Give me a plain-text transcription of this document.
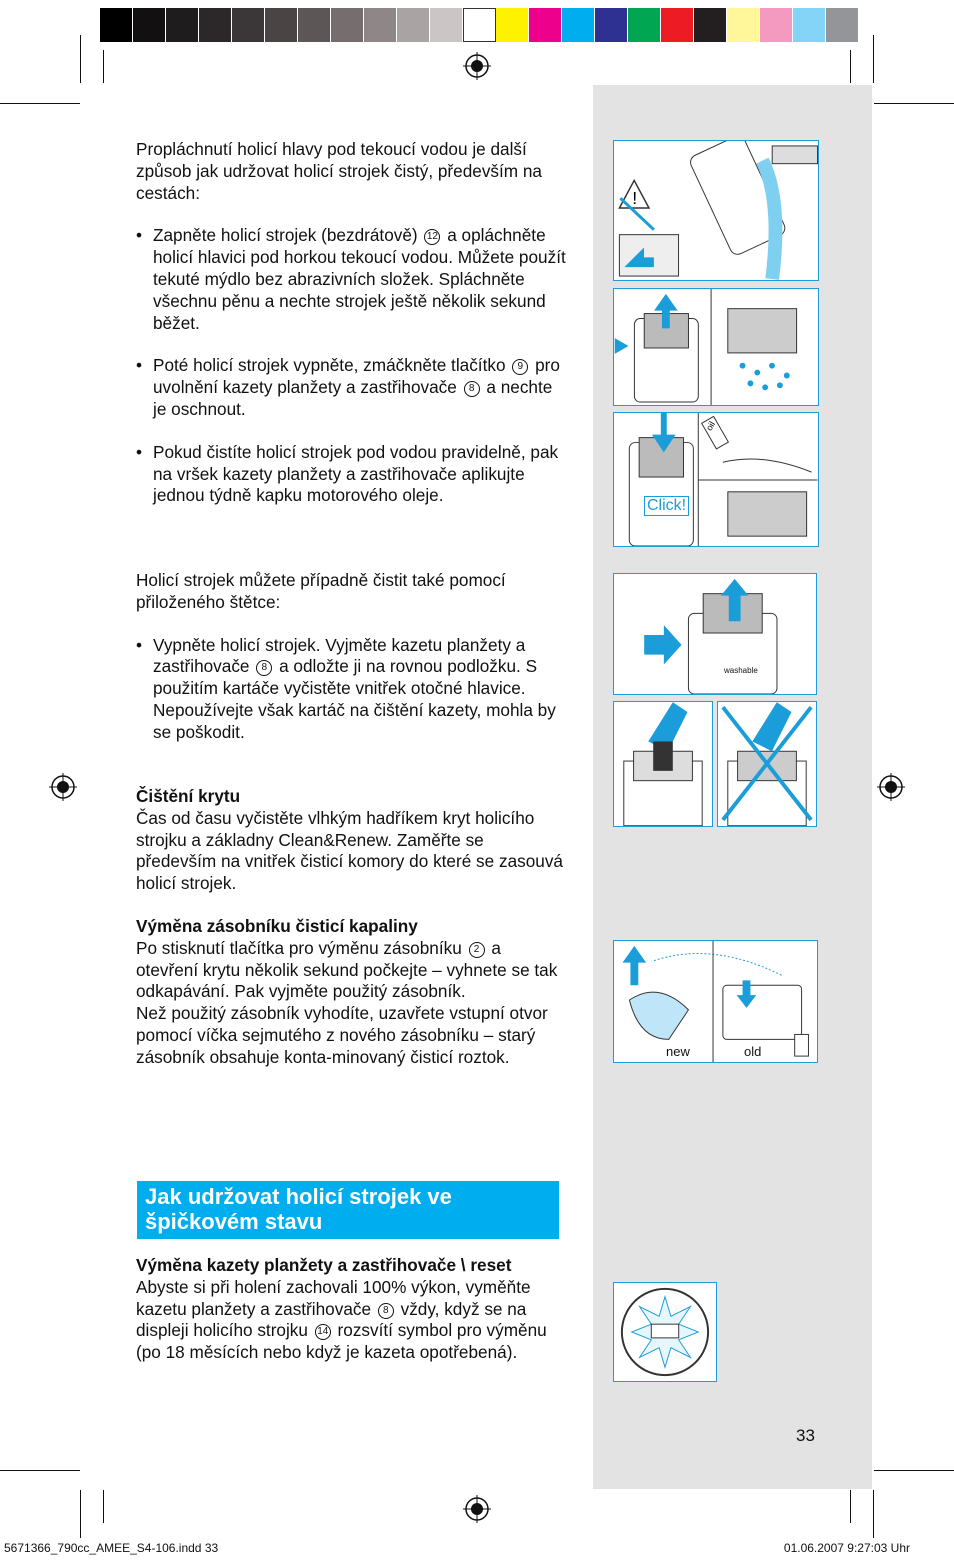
Propláchnutí holicí hlavy pod tekoucí vodou je další způsob jak udržovat holicí strojek čistý, především na cestách:

• Zapněte holicí strojek (bezdrátově) 12 a opláchněte holicí hlavici pod horkou tekoucí vodou. Můžete použít tekuté mýdlo bez abrazivních složek. Spláchněte všechnu pěnu a nechte strojek ještě několik sekund běžet.
• Poté holicí strojek vypněte, zmáčkněte tlačítko 9 pro uvolnění kazety planžety a zastřihovače 8 a nechte je oschnout.
• Pokud čistíte holicí strojek pod vodou pravidelně, pak na vršek kazety planžety a zastřihovače aplikujte jednou týdně kapku motorového oleje.

Holicí strojek můžete případně čistit také pomocí přiloženého štětce:

• Vypněte holicí strojek. Vyjměte kazetu planžety a zastřihovače 8 a odložte ji na rovnou podložku. S použitím kartáče vyčistěte vnitřek otočné hlavice. Nepoužívejte však kartáč na čištění kazety, mohla by se poškodit.

Čištění krytu

Čas od času vyčistěte vlhkým hadříkem kryt holicího strojku a základny Clean&Renew. Zaměřte se především na vnitřek čisticí komory do které se zasouvá holicí strojek.

Výměna zásobníku čisticí kapaliny

Po stisknutí tlačítka pro výměnu zásobníku 2 a otevření krytu několik sekund počkejte – vyhnete se tak odkapávání. Pak vyjměte použitý zásobník.

Než použitý zásobník vyhodíte, uzavřete vstupní otvor pomocí víčka sejmutého z nového zásobníku – starý zásobník obsahuje konta-minovaný čisticí roztok.

Jak udržovat holicí strojek ve špičkovém stavu

Výměna kazety planžety a zastřihovače \ reset

Abyste si při holení zachovali 100% výkon, vyměňte kazetu planžety a zastřihovače 8 vždy, když se na displeji holicího strojku 14 rozsvítí symbol pro výměnu (po 18 měsících nebo když je kazeta opotřebená).

!
oil
Click!
washable
new	old
33
5671366_790cc_AMEE_S4-106.indd 33	01.06.2007 9:27:03 Uhr
